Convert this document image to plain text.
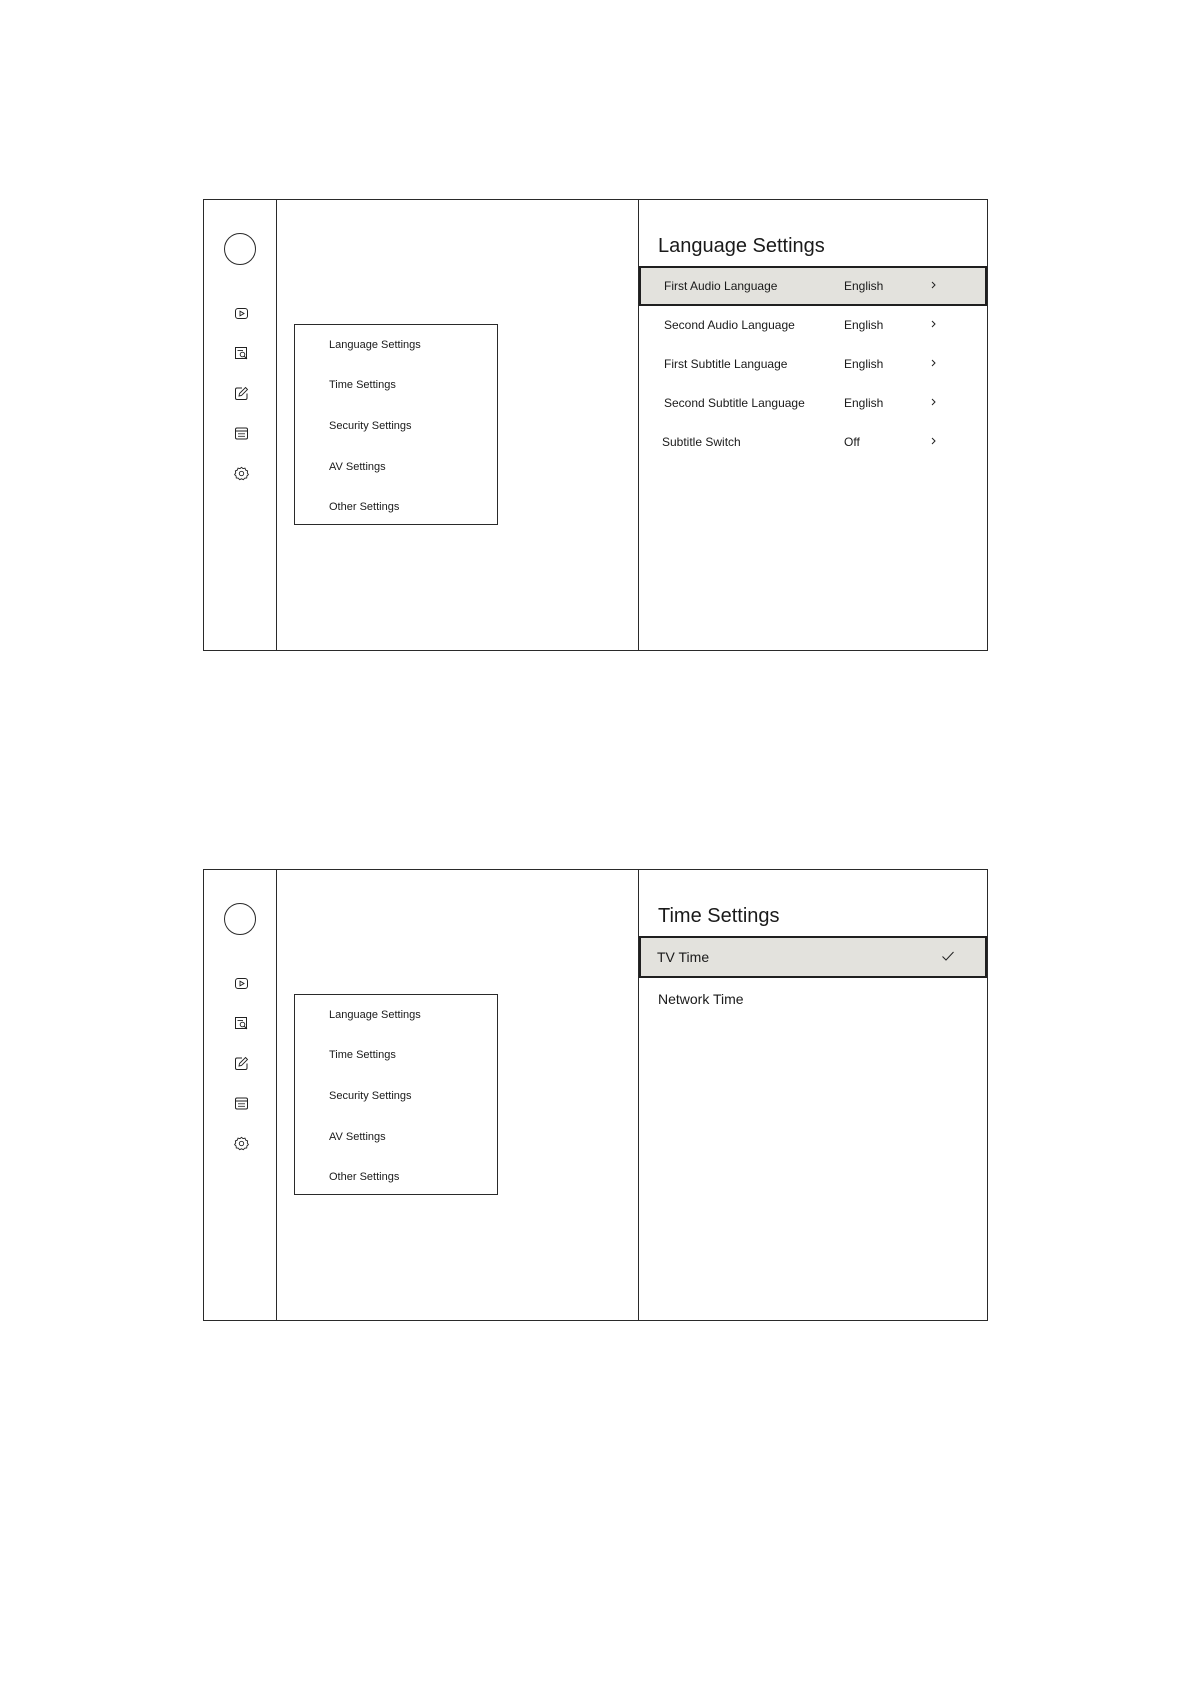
Language Settings
Time Settings
Security Settings
AV Settings
Other Settings
Language Settings
First Audio Language	English
Second Audio Language	English
First Subtitle Language	English
Second Subtitle Language	English
Subtitle Switch	Off
Language Settings
Time Settings
Security Settings
AV Settings
Other Settings
Time Settings
TV Time
Network Time
